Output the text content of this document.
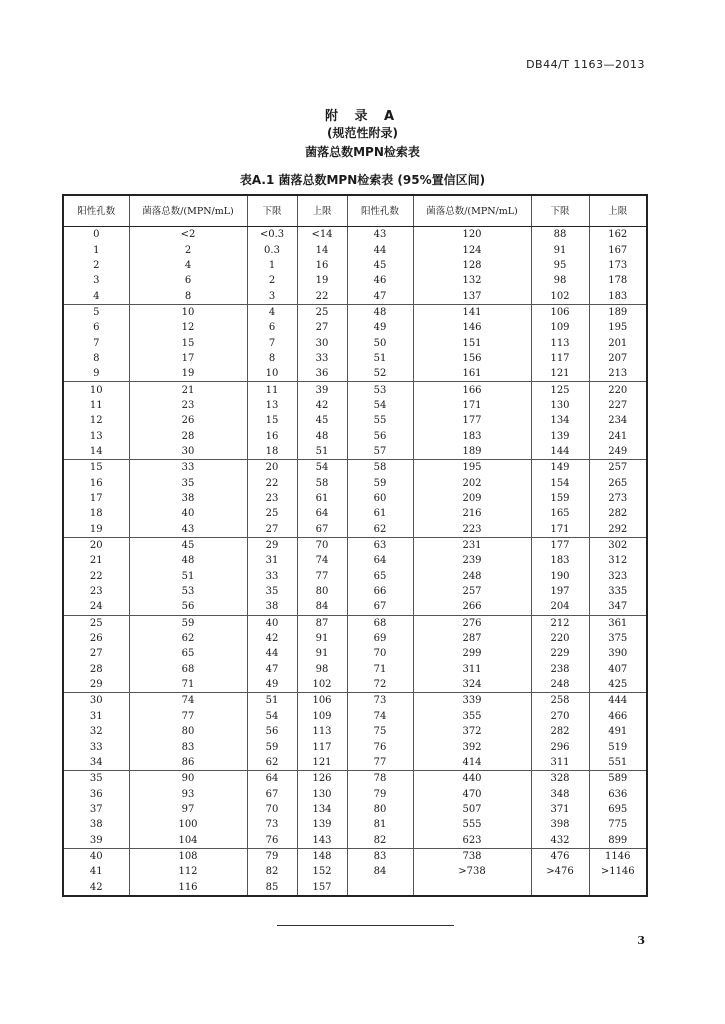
DB44/T 1163—2013
附 录 A
(规范性附录)
菌落总数MPN检索表
表A.1 菌落总数MPN检索表 (95%置信区间)
阳性孔数	菌落总数/(MPN/mL)	下限	上限	阳性孔数	菌落总数/(MPN/mL)	下限	上限
0	<2	<0.3	<14	43	120	88	162
1	2	0.3	14	44	124	91	167
2	4	1	16	45	128	95	173
3	6	2	19	46	132	98	178
4	8	3	22	47	137	102	183
5	10	4	25	48	141	106	189
6	12	6	27	49	146	109	195
7	15	7	30	50	151	113	201
8	17	8	33	51	156	117	207
9	19	10	36	52	161	121	213
10	21	11	39	53	166	125	220
11	23	13	42	54	171	130	227
12	26	15	45	55	177	134	234
13	28	16	48	56	183	139	241
14	30	18	51	57	189	144	249
15	33	20	54	58	195	149	257
16	35	22	58	59	202	154	265
17	38	23	61	60	209	159	273
18	40	25	64	61	216	165	282
19	43	27	67	62	223	171	292
20	45	29	70	63	231	177	302
21	48	31	74	64	239	183	312
22	51	33	77	65	248	190	323
23	53	35	80	66	257	197	335
24	56	38	84	67	266	204	347
25	59	40	87	68	276	212	361
26	62	42	91	69	287	220	375
27	65	44	91	70	299	229	390
28	68	47	98	71	311	238	407
29	71	49	102	72	324	248	425
30	74	51	106	73	339	258	444
31	77	54	109	74	355	270	466
32	80	56	113	75	372	282	491
33	83	59	117	76	392	296	519
34	86	62	121	77	414	311	551
35	90	64	126	78	440	328	589
36	93	67	130	79	470	348	636
37	97	70	134	80	507	371	695
38	100	73	139	81	555	398	775
39	104	76	143	82	623	432	899
40	108	79	148	83	738	476	1146
41	112	82	152	84	>738	>476	>1146
42	116	85	157				
3
